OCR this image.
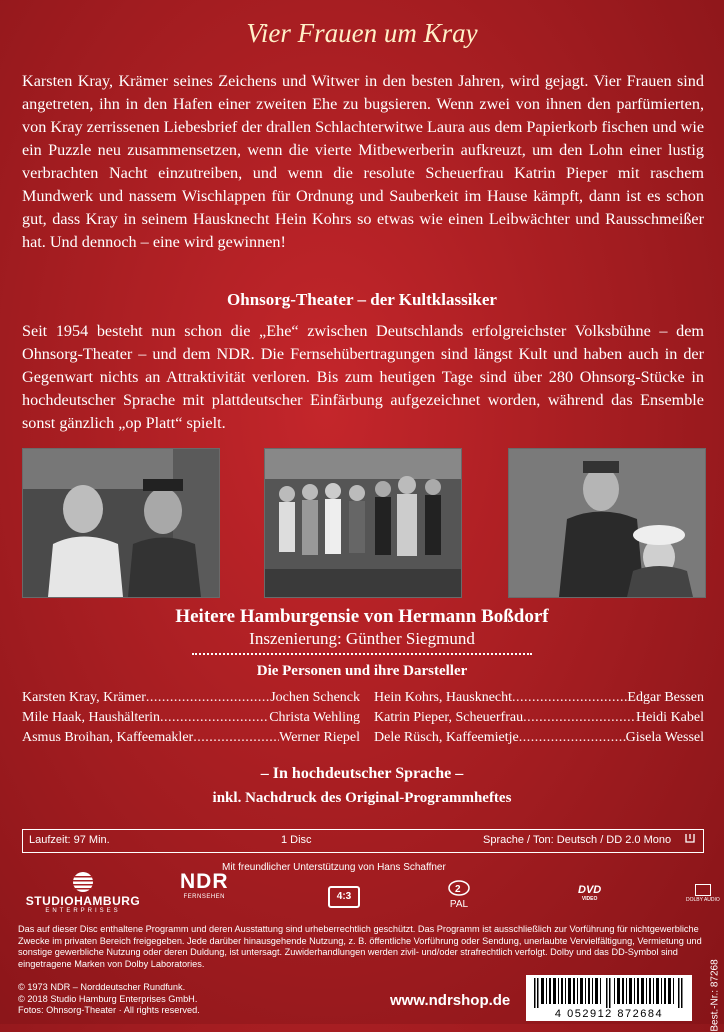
Vier Frauen um Kray

Karsten Kray, Krämer seines Zeichens und Witwer in den besten Jahren, wird gejagt. Vier Frauen sind angetreten, ihn in den Hafen einer zweiten Ehe zu bugsieren. Wenn zwei von ihnen den parfümierten, von Kray zerrissenen Liebesbrief der drallen Schlachterwitwe Laura aus dem Papierkorb fischen und wie ein Puzzle neu zusammensetzen, wenn die vierte Mitbewerberin aufkreuzt, um den Lohn einer lustig verbrachten Nacht einzutreiben, und wenn die resolute Scheuerfrau Katrin Pieper mit raschem Mundwerk und nassem Wischlappen für Ordnung und Sauberkeit im Hause kämpft, dann ist es schon gut, dass Kray in seinem Hausknecht Hein Kohrs so etwas wie einen Leibwächter und Rausschmeißer hat. Und dennoch – eine wird gewinnen!

Ohnsorg-Theater – der Kultklassiker

Seit 1954 besteht nun schon die „Ehe“ zwischen Deutschlands erfolgreichster Volksbühne – dem Ohnsorg-Theater – und dem NDR. Die Fernsehübertragungen sind längst Kult und haben auch in der Gegenwart nichts an Attraktivität verloren. Bis zum heutigen Tage sind über 280 Ohnsorg-Stücke in hochdeutscher Sprache mit plattdeutscher Einfärbung aufgezeichnet worden, während das Ensemble sonst gänzlich „op Platt“ spielt.

Heitere Hamburgensie von Hermann Boßdorf
Inszenierung: Günther Siegmund
Die Personen und ihre Darsteller
Karsten Kray, Krämer .....	Jochen Schenck
Mile Haak, Haushälterin .....	Christa Wehling
Asmus Broihan, Kaffeemakler .....	Werner Riepel
Hein Kohrs, Hausknecht .....	Edgar Bessen
Katrin Pieper, Scheuerfrau .....	Heidi Kabel
Dele Rüsch, Kaffeemietje .....	Gisela Wessel
– In hochdeutscher Sprache –
inkl. Nachdruck des Original-Programmheftes
Laufzeit: 97 Min.	1 Disc	Sprache / Ton: Deutsch / DD 2.0 Mono
Mit freundlicher Unterstützung von Hans Schaffner
STUDIOHAMBURG
ENTERPRISES
NDR
FERNSEHEN	4:3
2
PAL
DVD
VIDEO	DOLBY AUDIO
Das auf dieser Disc enthaltene Programm und deren Ausstattung sind urheberrechtlich geschützt. Das Programm ist ausschließlich zur Vorführung für nichtgewerbliche Zwecke im privaten Bereich freigegeben. Jede darüber hinausgehende Nutzung, z. B. öffentliche Vorführung oder Sendung, unerlaubte Vervielfältigung, Vermietung und sonstige gewerbliche Nutzung oder deren Duldung, ist untersagt. Zuwiderhandlungen werden zivil- und/oder strafrechtlich verfolgt. Dolby und das DD-Symbol sind eingetragene Marken von Dolby Laboratories.
© 1973 NDR – Norddeutscher Rundfunk.
© 2018 Studio Hamburg Enterprises GmbH.
Fotos: Ohnsorg-Theater · All rights reserved.
www.ndrshop.de
4 052912 872684	Best.-Nr.: 87268
